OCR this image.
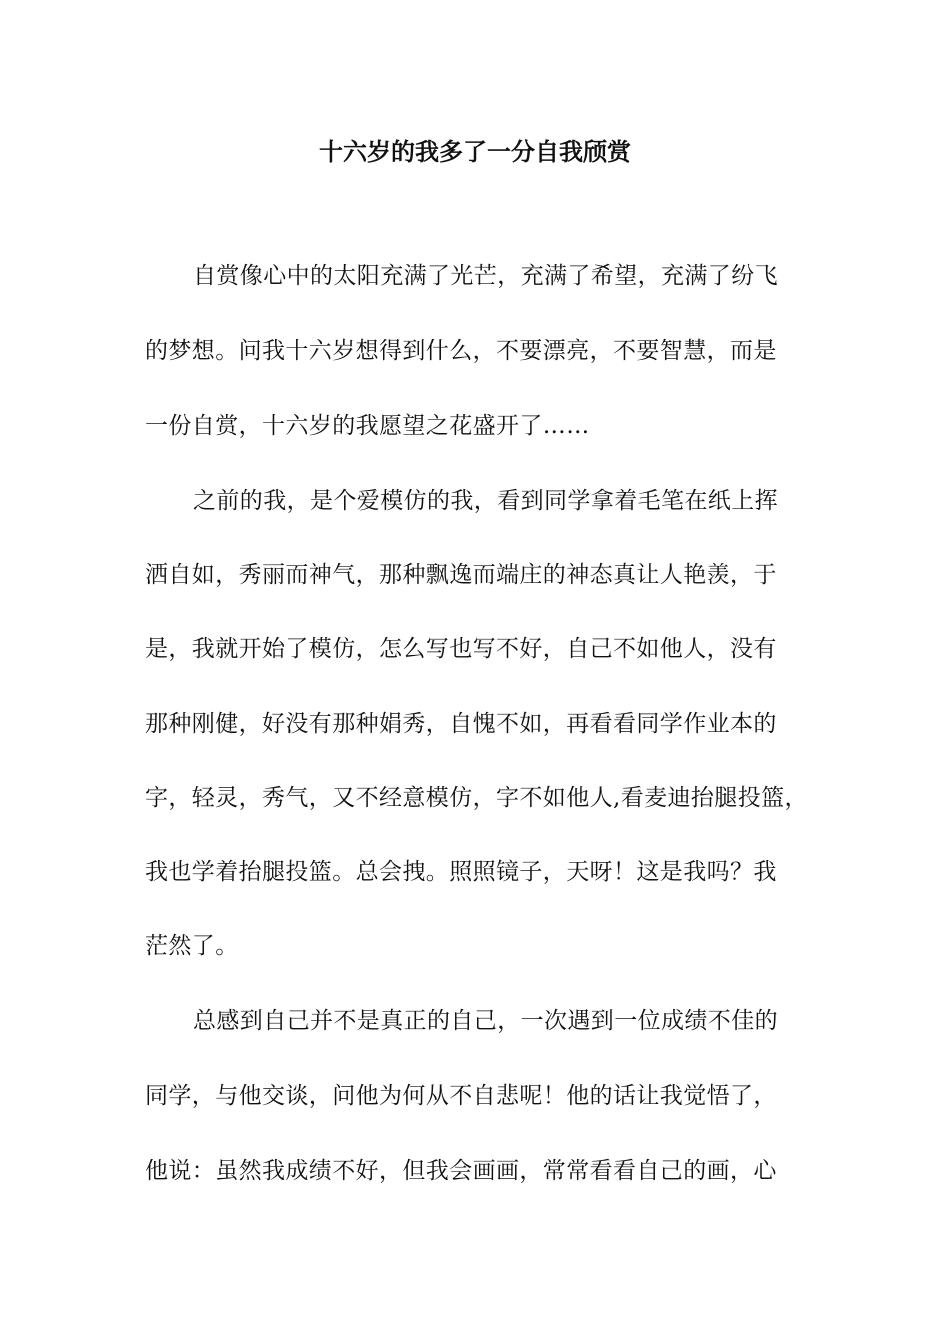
十六岁的我多了一分自我颀赏
自赏像心中的太阳充满了光芒，充满了希望，充满了纷飞
的梦想。问我十六岁想得到什么，不要漂亮，不要智慧，而是
一份自赏，十六岁的我愿望之花盛开了……
之前的我，是个爱模仿的我，看到同学拿着毛笔在纸上挥
洒自如，秀丽而神气，那种飘逸而端庄的神态真让人艳羡，于
是，我就开始了模仿，怎么写也写不好，自己不如他人，没有
那种刚健，好没有那种娟秀，自愧不如，再看看同学作业本的
字，轻灵，秀气，又不经意模仿，字不如他人,看麦迪抬腿投篮，
我也学着抬腿投篮。总会拽。照照镜子，天呀！这是我吗？我
茫然了。
总感到自己并不是真正的自己，一次遇到一位成绩不佳的
同学，与他交谈，问他为何从不自悲呢！他的话让我觉悟了，
他说：虽然我成绩不好，但我会画画，常常看看自己的画，心
